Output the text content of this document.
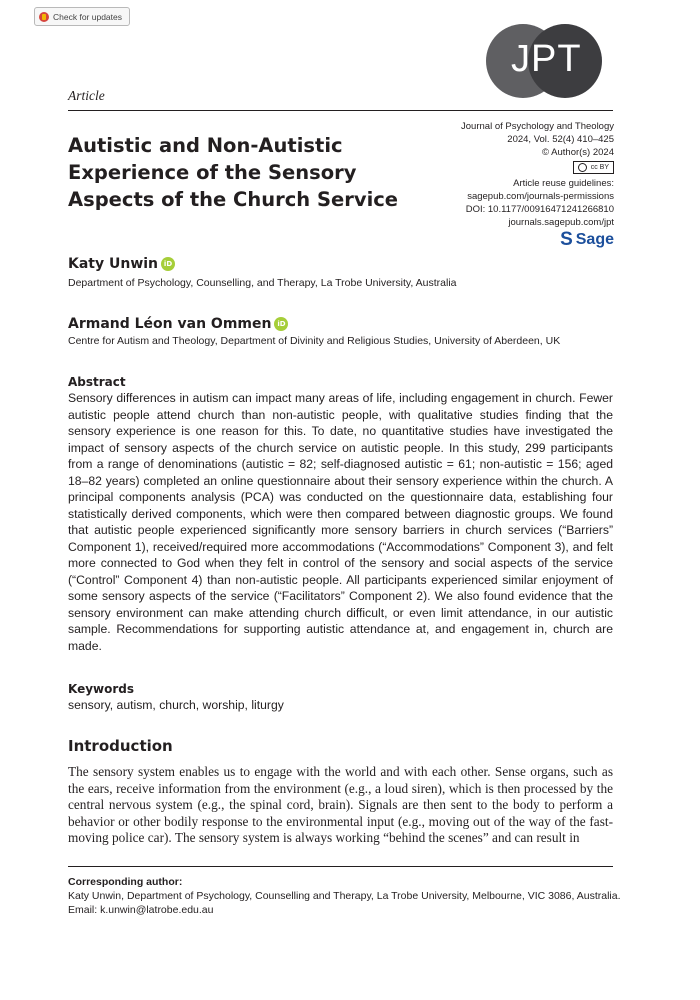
Check for updates
JPT
Article
Autistic and Non-Autistic Experience of the Sensory Aspects of the Church Service
Journal of Psychology and Theology
2024, Vol. 52(4) 410–425
© Author(s) 2024
cc BY
Article reuse guidelines:
sagepub.com/journals-permissions
DOI: 10.1177/00916471241266810
journals.sagepub.com/jpt
S Sage
Katy Unwin iD
Department of Psychology, Counselling, and Therapy, La Trobe University, Australia
Armand Léon van Ommen iD
Centre for Autism and Theology, Department of Divinity and Religious Studies, University of Aberdeen, UK
Abstract
Sensory differences in autism can impact many areas of life, including engagement in church. Fewer autistic people attend church than non-autistic people, with qualitative studies finding that the sensory experience is one reason for this. To date, no quantitative studies have investigated the impact of sensory aspects of the church service on autistic people. In this study, 299 participants from a range of denominations (autistic = 82; self-diagnosed autistic = 61; non-autistic = 156; aged 18–82 years) completed an online questionnaire about their sensory experience within the church. A principal components analysis (PCA) was conducted on the questionnaire data, establishing four statistically derived components, which were then compared between diagnostic groups. We found that autistic people experienced significantly more sensory barriers in church services (“Barriers” Component 1), received/required more accommodations (“Accommodations” Component 3), and felt more connected to God when they felt in control of the sensory and social aspects of the service (“Control” Component 4) than non-autistic people. All participants experienced similar enjoyment of some sensory aspects of the service (“Facilitators” Component 2). We also found evidence that the sensory environment can make attending church difficult, or even limit attendance, in our autistic sample. Recommendations for supporting autistic attendance at, and engagement in, church are made.
Keywords
sensory, autism, church, worship, liturgy
Introduction
The sensory system enables us to engage with the world and with each other. Sense organs, such as the ears, receive information from the environment (e.g., a loud siren), which is then processed by the central nervous system (e.g., the spinal cord, brain). Signals are then sent to the body to perform a behavior or other bodily response to the environmental input (e.g., moving out of the way of the fast-moving police car). The sensory system is always working “behind the scenes” and can result in
Corresponding author:
Katy Unwin, Department of Psychology, Counselling and Therapy, La Trobe University, Melbourne, VIC 3086, Australia.
Email: k.unwin@latrobe.edu.au
